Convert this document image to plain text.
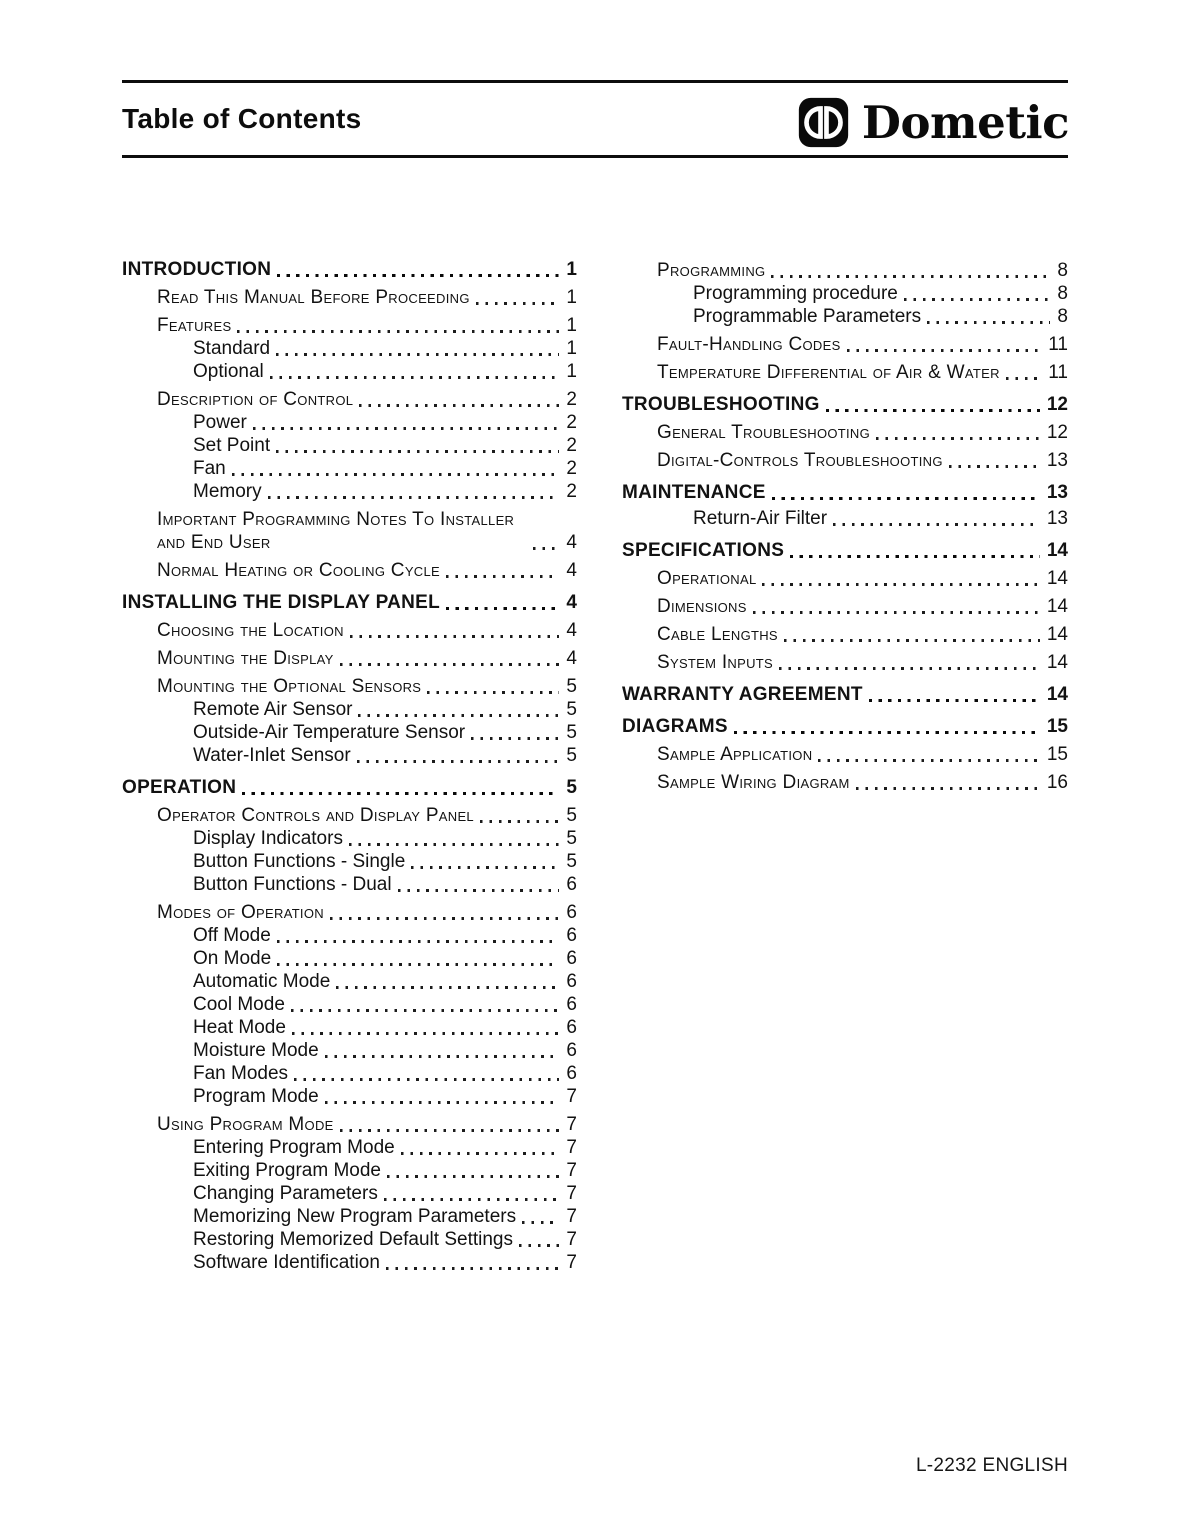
Table of Contents	Dometic
INTRODUCTION	1
Read This Manual Before Proceeding	1
Features	1
Standard	1
Optional	1
Description of Control	2
Power	2
Set Point	2
Fan	2
Memory	2
Important Programming Notes To Installer and End User	4
Normal Heating or Cooling Cycle	4
INSTALLING THE DISPLAY PANEL	4
Choosing the Location	4
Mounting the Display	4
Mounting the Optional Sensors	5
Remote Air Sensor	5
Outside-Air Temperature Sensor	5
Water-Inlet Sensor	5
OPERATION	5
Operator Controls and Display Panel	5
Display Indicators	5
Button Functions - Single	5
Button Functions - Dual	6
Modes of Operation	6
Off Mode	6
On Mode	6
Automatic Mode	6
Cool Mode	6
Heat Mode	6
Moisture Mode	6
Fan Modes	6
Program Mode	7
Using Program Mode	7
Entering Program Mode	7
Exiting Program Mode	7
Changing Parameters	7
Memorizing New Program Parameters	7
Restoring Memorized Default Settings	7
Software Identification	7
Programming	8
Programming procedure	8
Programmable Parameters	8
Fault-Handling Codes	11
Temperature Differential of Air & Water	11
TROUBLESHOOTING	12
General Troubleshooting	12
Digital-Controls Troubleshooting	13
MAINTENANCE	13
Return-Air Filter	13
SPECIFICATIONS	14
Operational	14
Dimensions	14
Cable Lengths	14
System Inputs	14
WARRANTY AGREEMENT	14
DIAGRAMS	15
Sample Application	15
Sample Wiring Diagram	16
L-2232 ENGLISH
